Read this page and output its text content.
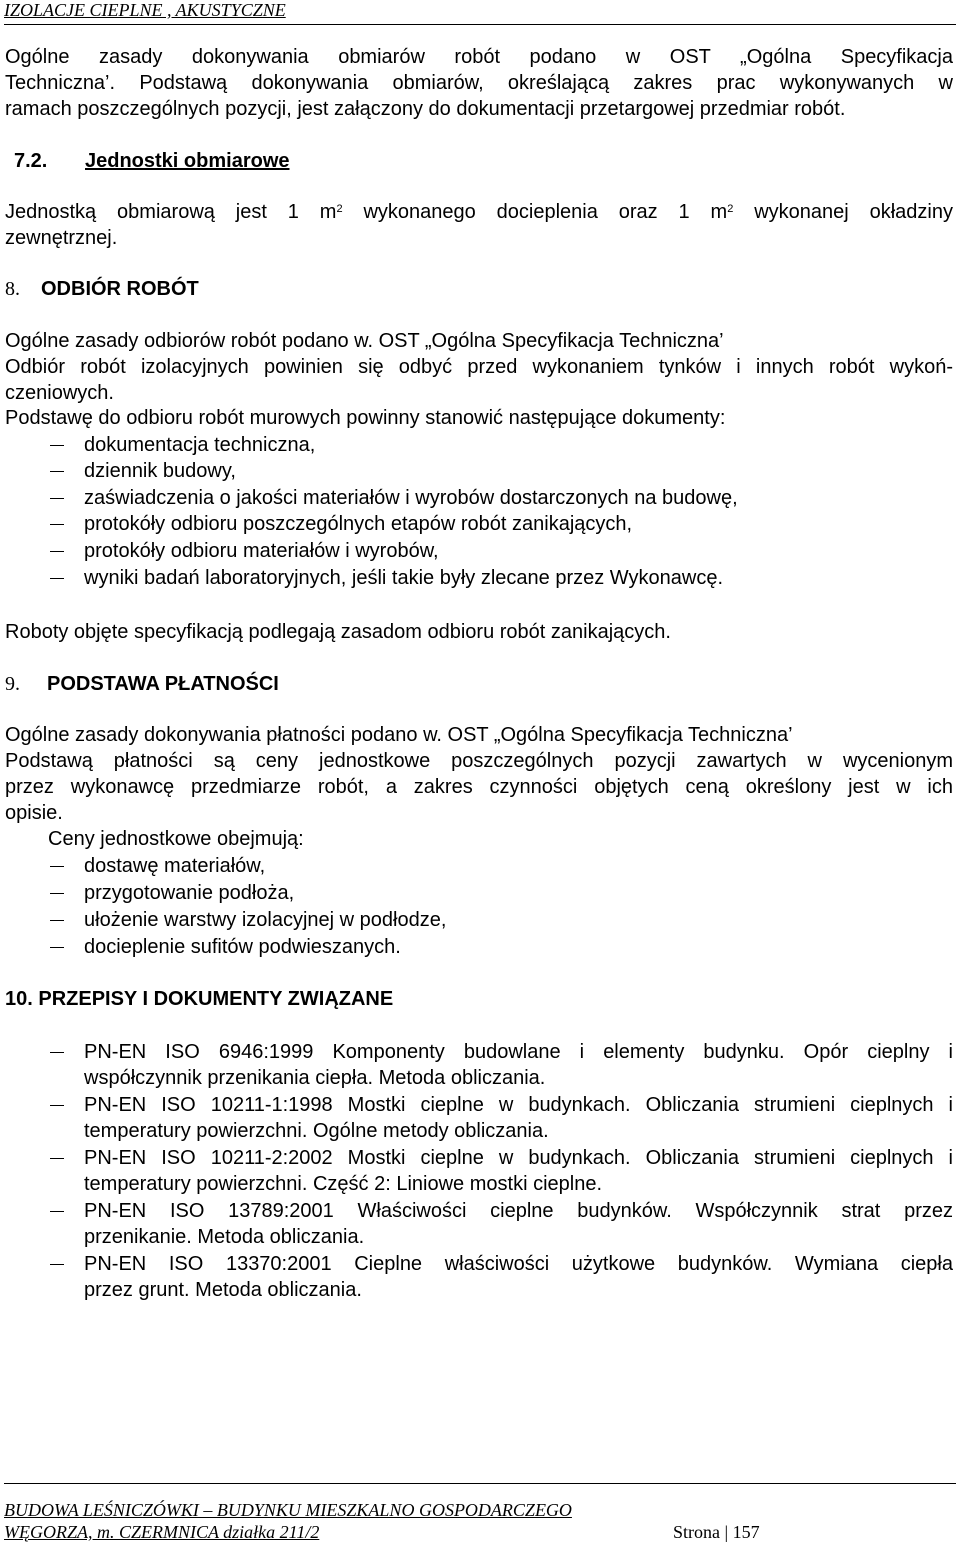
IZOLACJE CIEPLNE , AKUSTYCZNE
Ogólne zasady dokonywania obmiarów robót podano w OST „Ogólna Specyfikacja
Techniczna’. Podstawą dokonywania obmiarów, określającą zakres prac wykonywanych w
ramach poszczególnych pozycji, jest załączony do dokumentacji przetargowej przedmiar robót.
7.2. Jednostki obmiarowe
Jednostką obmiarową jest 1 $m^2$ wykonanego docieplenia oraz 1 $m^2$ wykonanej okładziny
zewnętrznej.
8. ODBIÓR ROBÓT
Ogólne zasady odbiorów robót podano w. OST „Ogólna Specyfikacja Techniczna’
Odbiór robót izolacyjnych powinien się odbyć przed wykonaniem tynków i innych robót wykoń-
czeniowych.
Podstawę do odbioru robót murowych powinny stanowić następujące dokumenty:
dokumentacja techniczna,
dziennik budowy,
zaświadczenia o jakości materiałów i wyrobów dostarczonych na budowę,
protokóły odbioru poszczególnych etapów robót zanikających,
protokóły odbioru materiałów i wyrobów,
wyniki badań laboratoryjnych, jeśli takie były zlecane przez Wykonawcę.
Roboty objęte specyfikacją podlegają zasadom odbioru robót zanikających.
9. PODSTAWA PŁATNOŚCI
Ogólne zasady dokonywania płatności podano w. OST „Ogólna Specyfikacja Techniczna’
Podstawą płatności są ceny jednostkowe poszczególnych pozycji zawartych w wycenionym
przez wykonawcę przedmiarze robót, a zakres czynności objętych ceną określony jest w ich
opisie.
Ceny jednostkowe obejmują:
dostawę materiałów,
przygotowanie podłoża,
ułożenie warstwy izolacyjnej w podłodze,
docieplenie sufitów podwieszanych.
10. PRZEPISY I DOKUMENTY ZWIĄZANE
PN-EN ISO 6946:1999 Komponenty budowlane i elementy budynku. Opór cieplny i
współczynnik przenikania ciepła. Metoda obliczania.
PN-EN ISO 10211-1:1998 Mostki cieplne w budynkach. Obliczania strumieni cieplnych i
temperatury powierzchni. Ogólne metody obliczania.
PN-EN ISO 10211-2:2002 Mostki cieplne w budynkach. Obliczania strumieni cieplnych i
temperatury powierzchni. Część 2: Liniowe mostki cieplne.
PN-EN ISO 13789:2001 Właściwości cieplne budynków. Współczynnik strat przez
przenikanie. Metoda obliczania.
PN-EN ISO 13370:2001 Cieplne właściwości użytkowe budynków. Wymiana ciepła
przez grunt. Metoda obliczania.
BUDOWA LEŚNICZÓWKI – BUDYNKU MIESZKALNO GOSPODARCZEGO
WĘGORZA, m. CZERMNICA działka 211/2	Strona | 157
